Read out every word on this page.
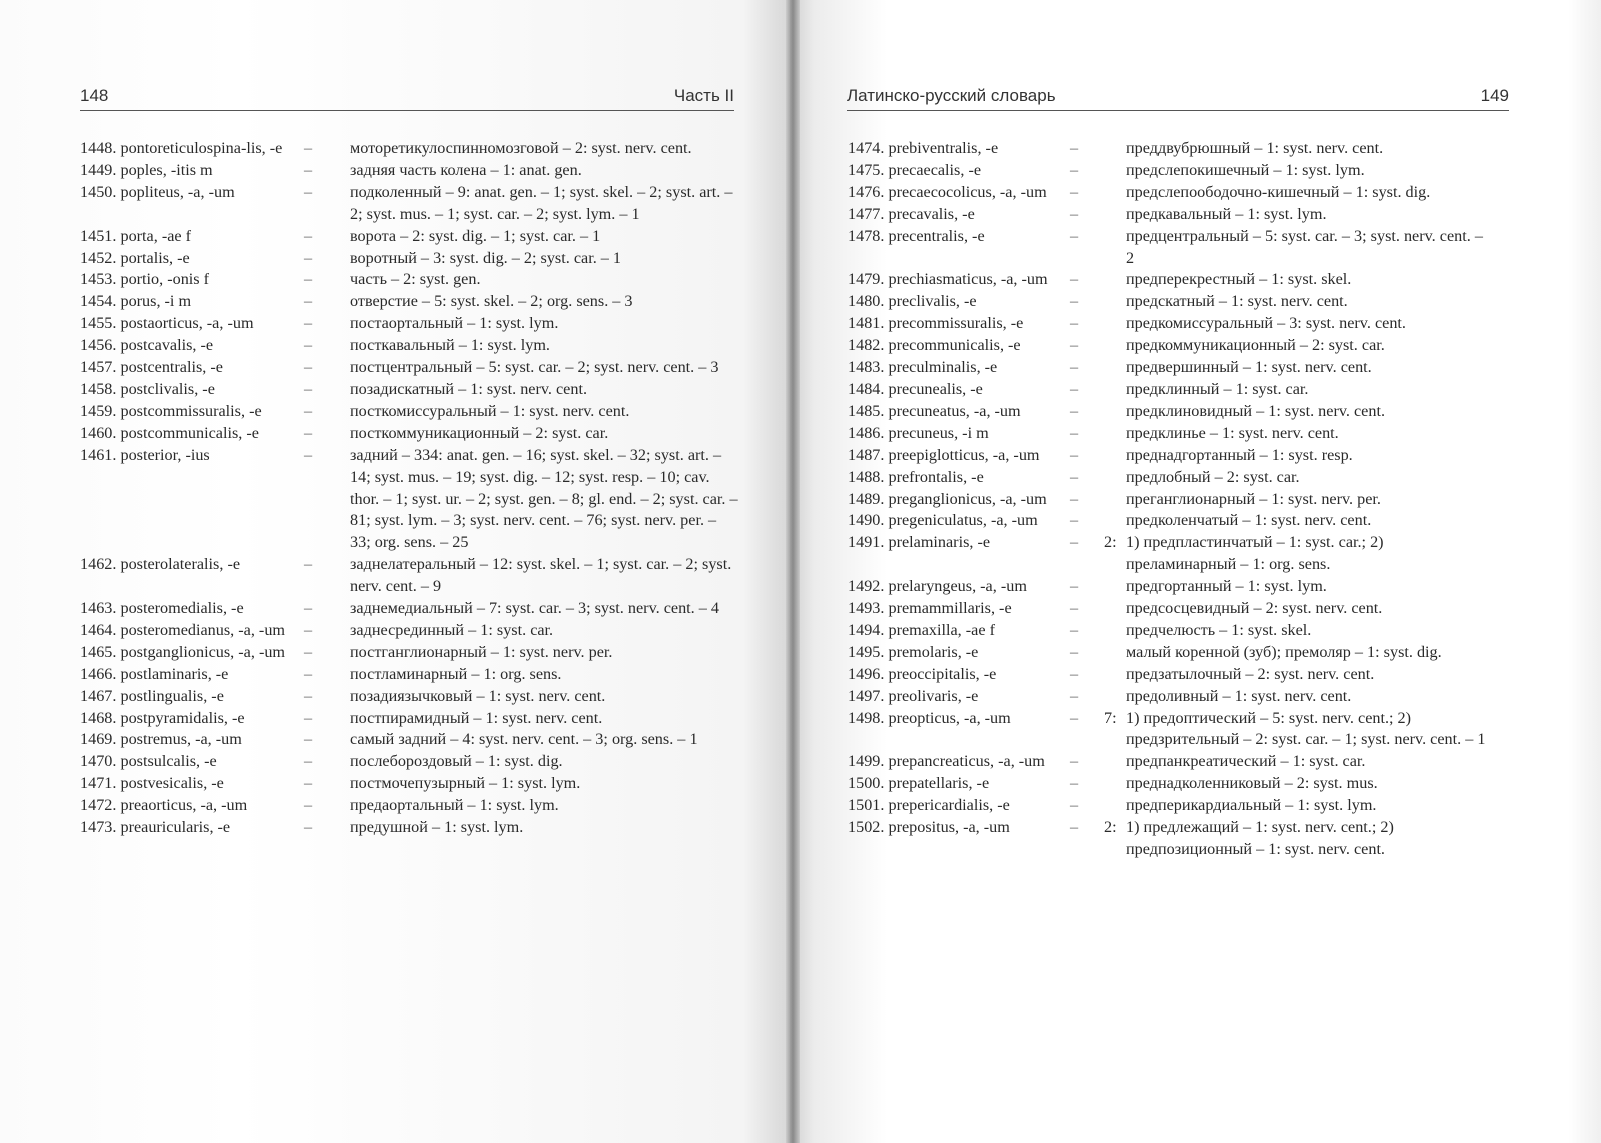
148	Часть II
1448. pontoreticulospina-lis, -e	–	моторетикулоспинномозговой – 2: syst. nerv. cent.
1449. poples, -itis m	–	задняя часть колена – 1: anat. gen.
1450. popliteus, -a, -um	–	подколенный – 9: anat. gen. – 1; syst. skel. – 2; syst. art. – 2; syst. mus. – 1; syst. car. – 2; syst. lym. – 1
1451. porta, -ae f	–	ворота – 2: syst. dig. – 1; syst. car. – 1
1452. portalis, -e	–	воротный – 3: syst. dig. – 2; syst. car. – 1
1453. portio, -onis f	–	часть – 2: syst. gen.
1454. porus, -i m	–	отверстие – 5: syst. skel. – 2; org. sens. – 3
1455. postaorticus, -a, -um	–	постаортальный – 1: syst. lym.
1456. postcavalis, -e	–	посткавальный – 1: syst. lym.
1457. postcentralis, -e	–	постцентральный – 5: syst. car. – 2; syst. nerv. cent. – 3
1458. postclivalis, -e	–	позадискатный – 1: syst. nerv. cent.
1459. postcommissuralis, -e	–	посткомиссуральный – 1: syst. nerv. cent.
1460. postcommunicalis, -e	–	посткоммуникационный – 2: syst. car.
1461. posterior, -ius	–	задний – 334: anat. gen. – 16; syst. skel. – 32; syst. art. – 14; syst. mus. – 19; syst. dig. – 12; syst. resp. – 10; cav. thor. – 1; syst. ur. – 2; syst. gen. – 8; gl. end. – 2; syst. car. – 81; syst. lym. – 3; syst. nerv. cent. – 76; syst. nerv. per. – 33; org. sens. – 25
1462. posterolateralis, -e	–	заднелатеральный – 12: syst. skel. – 1; syst. car. – 2; syst. nerv. cent. – 9
1463. posteromedialis, -e	–	заднемедиальный – 7: syst. car. – 3; syst. nerv. cent. – 4
1464. posteromedianus, -a, -um	–	заднесрединный – 1: syst. car.
1465. postganglionicus, -a, -um	–	постганглионарный – 1: syst. nerv. per.
1466. postlaminaris, -e	–	постламинарный – 1: org. sens.
1467. postlingualis, -e	–	позадиязычковый – 1: syst. nerv. cent.
1468. postpyramidalis, -e	–	постпирамидный – 1: syst. nerv. cent.
1469. postremus, -a, -um	–	самый задний – 4: syst. nerv. cent. – 3; org. sens. – 1
1470. postsulcalis, -e	–	послебороздовый – 1: syst. dig.
1471. postvesicalis, -e	–	постмочепузырный – 1: syst. lym.
1472. preaorticus, -a, -um	–	предаортальный – 1: syst. lym.
1473. preauricularis, -e	–	предушной – 1: syst. lym.
Латинско-русский словарь	149
1474. prebiventralis, -e	–	преддвубрюшный – 1: syst. nerv. cent.
1475. precaecalis, -e	–	предслепокишечный – 1: syst. lym.
1476. precaecocolicus, -a, -um	–	предслепоободочно-кишечный – 1: syst. dig.
1477. precavalis, -e	–	предкавальный – 1: syst. lym.
1478. precentralis, -e	–	предцентральный – 5: syst. car. – 3; syst. nerv. cent. – 2
1479. prechiasmaticus, -a, -um	–	предперекрестный – 1: syst. skel.
1480. preclivalis, -e	–	предскатный – 1: syst. nerv. cent.
1481. precommissuralis, -e	–	предкомиссуральный – 3: syst. nerv. cent.
1482. precommunicalis, -e	–	предкоммуникационный – 2: syst. car.
1483. preculminalis, -e	–	предвершинный – 1: syst. nerv. cent.
1484. precunealis, -e	–	предклинный – 1: syst. car.
1485. precuneatus, -a, -um	–	предклиновидный – 1: syst. nerv. cent.
1486. precuneus, -i m	–	предклинье – 1: syst. nerv. cent.
1487. preepiglotticus, -a, -um	–	преднадгортанный – 1: syst. resp.
1488. prefrontalis, -e	–	предлобный – 2: syst. car.
1489. preganglionicus, -a, -um	–	преганглионарный – 1: syst. nerv. per.
1490. pregeniculatus, -a, -um	–	предколенчатый – 1: syst. nerv. cent.
1491. prelaminaris, -e	–	2: 1) предпластинчатый – 1: syst. car.; 2) преламинарный – 1: org. sens.
1492. prelaryngeus, -a, -um	–	предгортанный – 1: syst. lym.
1493. premammillaris, -e	–	предсосцевидный – 2: syst. nerv. cent.
1494. premaxilla, -ae f	–	предчелюсть – 1: syst. skel.
1495. premolaris, -e	–	малый коренной (зуб); премоляр – 1: syst. dig.
1496. preoccipitalis, -e	–	предзатылочный – 2: syst. nerv. cent.
1497. preolivaris, -e	–	предоливный – 1: syst. nerv. cent.
1498. preopticus, -a, -um	–	7: 1) предоптический – 5: syst. nerv. cent.; 2) предзрительный – 2: syst. car. – 1; syst. nerv. cent. – 1
1499. prepancreaticus, -a, -um	–	предпанкреатический – 1: syst. car.
1500. prepatellaris, -e	–	преднадколенниковый – 2: syst. mus.
1501. prepericardialis, -e	–	предперикардиальный – 1: syst. lym.
1502. prepositus, -a, -um	–	2: 1) предлежащий – 1: syst. nerv. cent.; 2) предпозиционный – 1: syst. nerv. cent.
